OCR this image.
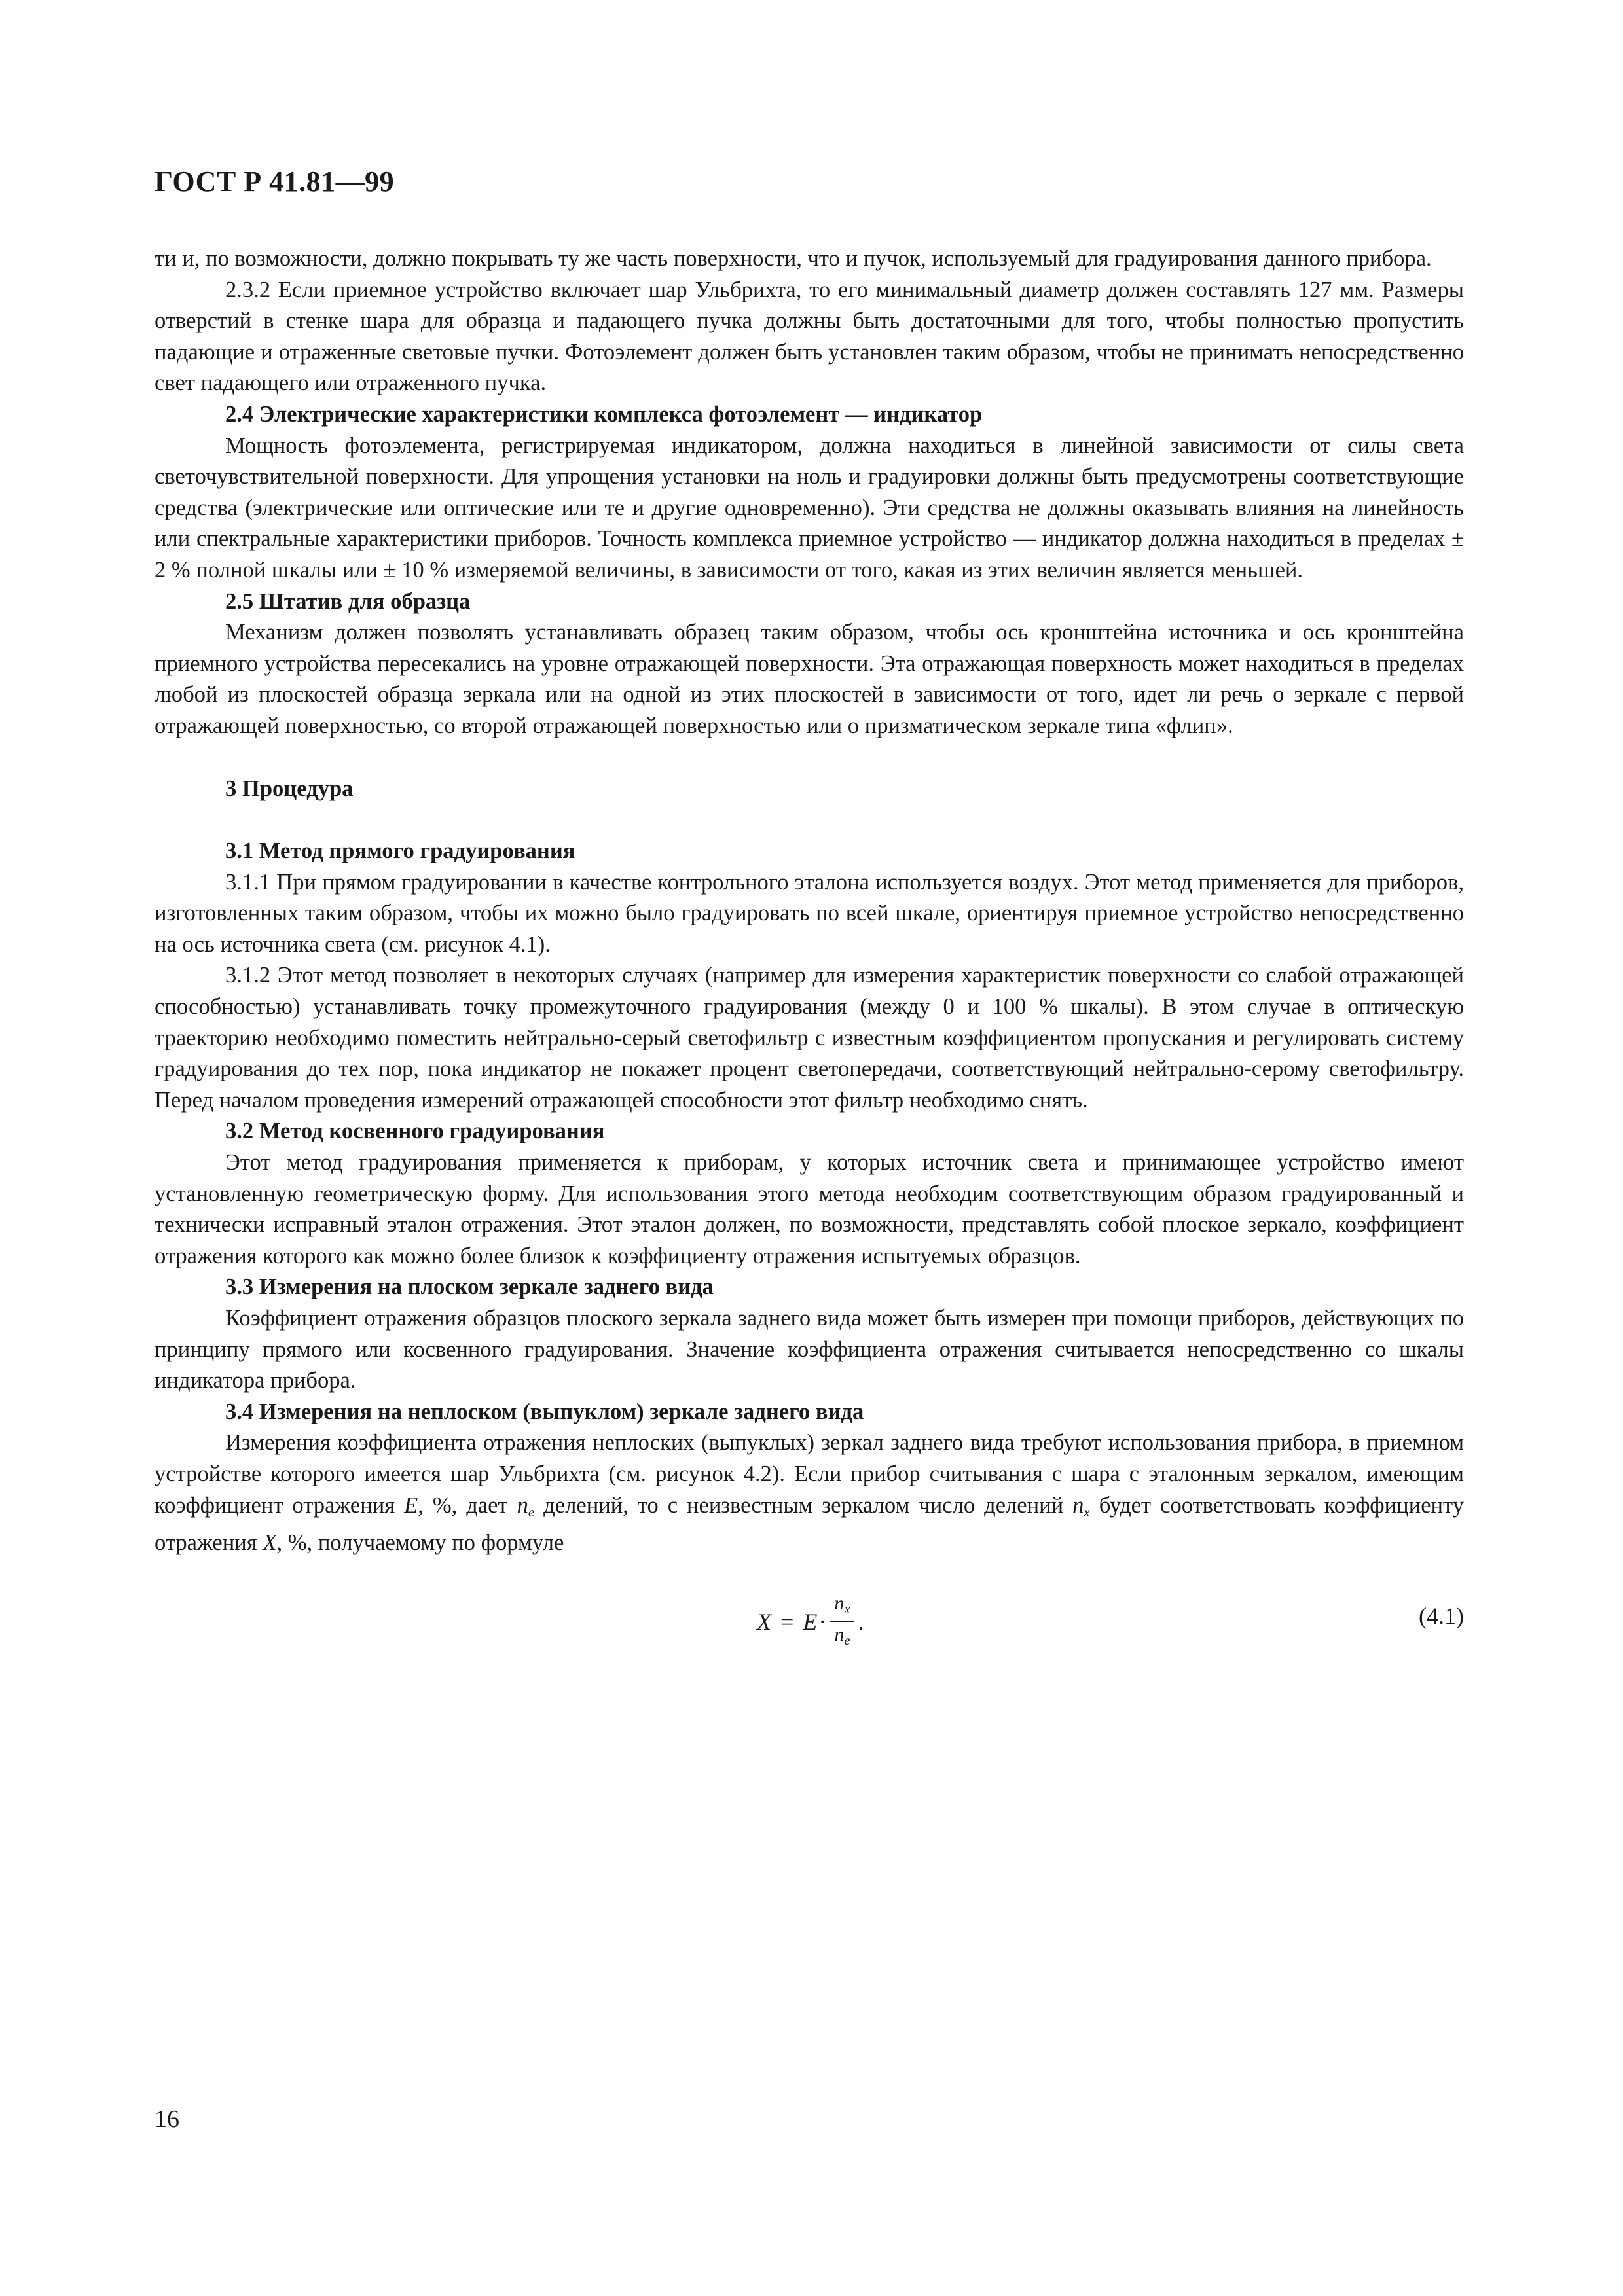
ГОСТ Р 41.81—99

ти и, по возможности, должно покрывать ту же часть поверхности, что и пучок, используемый для градуирования данного прибора.

2.3.2 Если приемное устройство включает шар Ульбрихта, то его минимальный диаметр должен составлять 127 мм. Размеры отверстий в стенке шара для образца и падающего пучка должны быть достаточными для того, чтобы полностью пропустить падающие и отраженные световые пучки. Фотоэлемент должен быть установлен таким образом, чтобы не принимать непосредственно свет падающего или отраженного пучка.

2.4 Электрические характеристики комплекса фотоэлемент — индикатор

Мощность фотоэлемента, регистрируемая индикатором, должна находиться в линейной зависимости от силы света светочувствительной поверхности. Для упрощения установки на ноль и градуировки должны быть предусмотрены соответствующие средства (электрические или оптические или те и другие одновременно). Эти средства не должны оказывать влияния на линейность или спектральные характеристики приборов. Точность комплекса приемное устройство — индикатор должна находиться в пределах ± 2 % полной шкалы или ± 10 % измеряемой величины, в зависимости от того, какая из этих величин является меньшей.

2.5 Штатив для образца

Механизм должен позволять устанавливать образец таким образом, чтобы ось кронштейна источника и ось кронштейна приемного устройства пересекались на уровне отражающей поверхности. Эта отражающая поверхность может находиться в пределах любой из плоскостей образца зеркала или на одной из этих плоскостей в зависимости от того, идет ли речь о зеркале с первой отражающей поверхностью, со второй отражающей поверхностью или о призматическом зеркале типа «флип».

3 Процедура
3.1 Метод прямого градуирования

3.1.1 При прямом градуировании в качестве контрольного эталона используется воздух. Этот метод применяется для приборов, изготовленных таким образом, чтобы их можно было градуировать по всей шкале, ориентируя приемное устройство непосредственно на ось источника света (см. рисунок 4.1).

3.1.2 Этот метод позволяет в некоторых случаях (например для измерения характеристик поверхности со слабой отражающей способностью) устанавливать точку промежуточного градуирования (между 0 и 100 % шкалы). В этом случае в оптическую траекторию необходимо поместить нейтрально-серый светофильтр с известным коэффициентом пропускания и регулировать систему градуирования до тех пор, пока индикатор не покажет процент светопередачи, соответствующий нейтрально-серому светофильтру. Перед началом проведения измерений отражающей способности этот фильтр необходимо снять.

3.2 Метод косвенного градуирования

Этот метод градуирования применяется к приборам, у которых источник света и принимающее устройство имеют установленную геометрическую форму. Для использования этого метода необходим соответствующим образом градуированный и технически исправный эталон отражения. Этот эталон должен, по возможности, представлять собой плоское зеркало, коэффициент отражения которого как можно более близок к коэффициенту отражения испытуемых образцов.

3.3 Измерения на плоском зеркале заднего вида

Коэффициент отражения образцов плоского зеркала заднего вида может быть измерен при помощи приборов, действующих по принципу прямого или косвенного градуирования. Значение коэффициента отражения считывается непосредственно со шкалы индикатора прибора.

3.4 Измерения на неплоском (выпуклом) зеркале заднего вида

Измерения коэффициента отражения неплоских (выпуклых) зеркал заднего вида требуют использования прибора, в приемном устройстве которого имеется шар Ульбрихта (см. рисунок 4.2). Если прибор считывания с шара с эталонным зеркалом, имеющим коэффициент отражения E, %, дает $n_e$ делений, то с неизвестным зеркалом число делений $n_x$ будет соответствовать коэффициенту отражения X, %, получаемому по формуле

$X = E \cdot \frac{n_x}{n_e}$ .	(4.1)
16
